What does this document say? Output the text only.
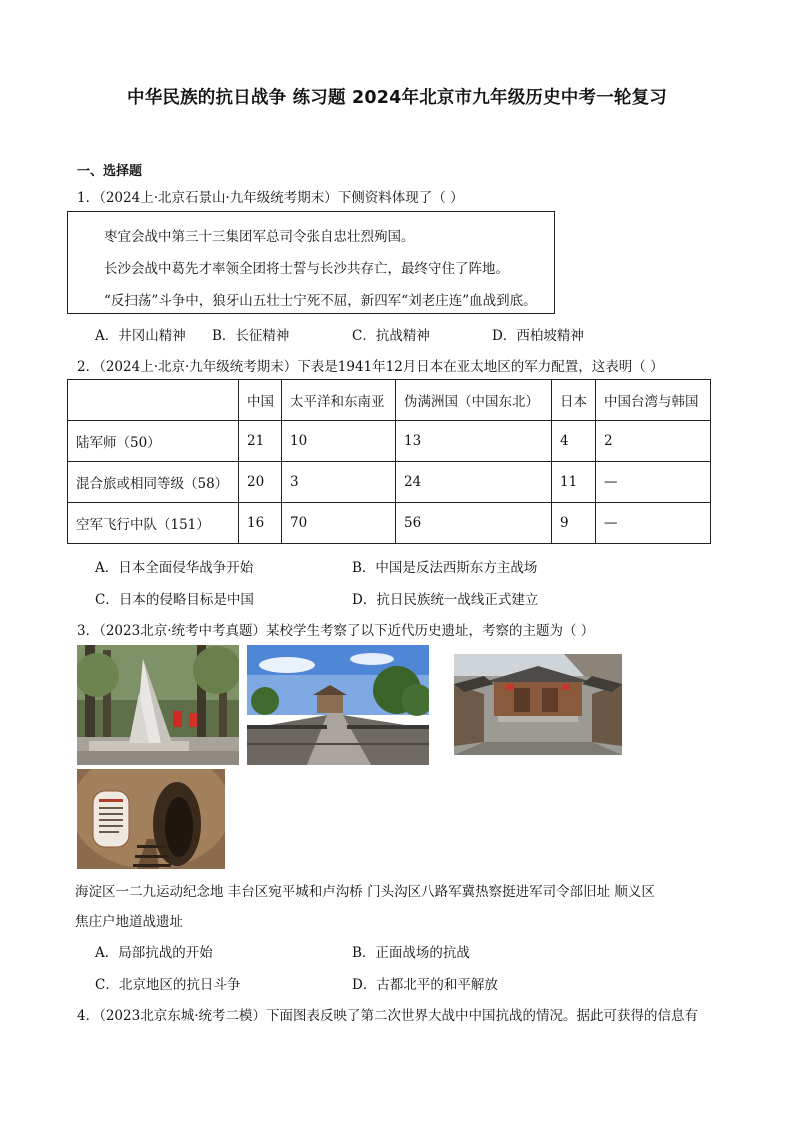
中华民族的抗日战争 练习题 2024年北京市九年级历史中考一轮复习
一、选择题
1．（2024上·北京石景山·九年级统考期末）下侧资料体现了（ ）
枣宜会战中第三十三集团军总司令张自忠壮烈殉国。
长沙会战中葛先才率领全团将士誓与长沙共存亡，最终守住了阵地。
“反扫荡”斗争中，狼牙山五壮士宁死不屈，新四军“刘老庄连”血战到底。
A．井冈山精神 B．长征精神	C．抗战精神	D．西柏坡精神
2．（2024上·北京·九年级统考期末）下表是1941年12月日本在亚太地区的军力配置，这表明（ ）
	中国	太平洋和东南亚	伪满洲国（中国东北）	日本	中国台湾与韩国
陆军师（50）	21	10	13	4	2
混合旅或相同等级（58）	20	3	24	11	—
空军飞行中队（151）	16	70	56	9	—
A．日本全面侵华战争开始	B．中国是反法西斯东方主战场
C．日本的侵略目标是中国	D．抗日民族统一战线正式建立
3．（2023北京·统考中考真题）某校学生考察了以下近代历史遗址，考察的主题为（ ）
海淀区一二九运动纪念地 丰台区宛平城和卢沟桥 门头沟区八路军冀热察挺进军司令部旧址 顺义区
焦庄户地道战遗址
A．局部抗战的开始	B．正面战场的抗战
C．北京地区的抗日斗争	D．古都北平的和平解放
4．（2023北京东城·统考二模）下面图表反映了第二次世界大战中中国抗战的情况。据此可获得的信息有
